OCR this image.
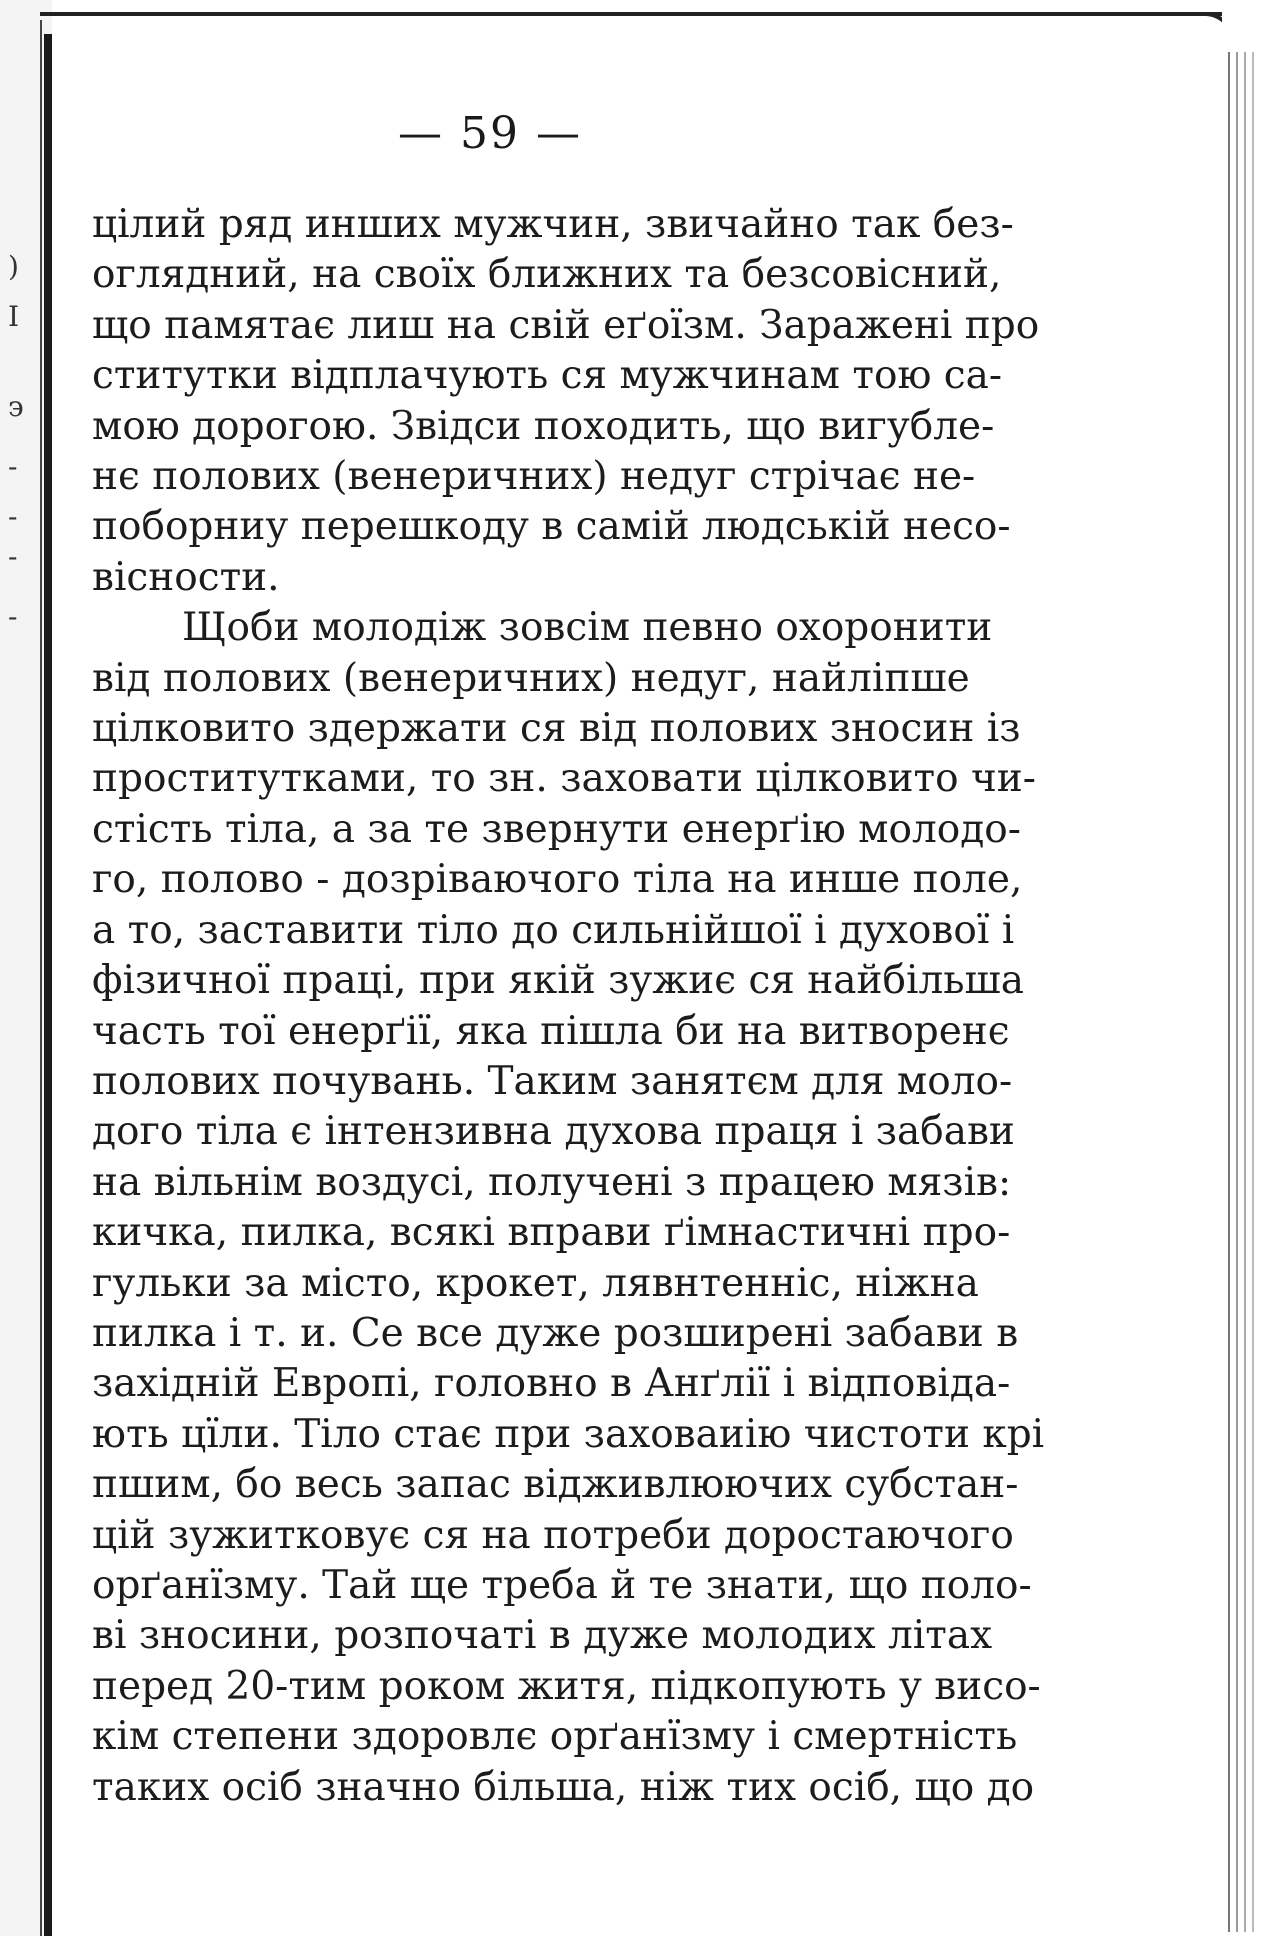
)
I
э
-
-
-
-
— 59 —
цілий ряд инших мужчин, звичайно так без-
оглядний, на своїх ближних та безсовісний,
що памятає лиш на свій еґоїзм. Заражені про
ститутки відплачують ся мужчинам тою са-
мою дорогою. Звідси походить, що вигубле-
нє полових (венеричних) недуг стрічає не-
поборниу перешкоду в самій людській несо-
вісности.
Щоби молодіж зовсім певно охоронити
від полових (венеричних) недуг, найліпше
цілковито здержати ся від полових зносин із
проститутками, то зн. заховати цілковито чи-
стість тіла, а за те звернути енерґію молодо-
го, полово - дозріваючого тіла на инше поле,
а то, заставити тіло до сильнійшої і духової і
фізичної праці, при якій зужиє ся найбільша
часть тої енерґії, яка пішла би на витворенє
полових почувань. Таким занятєм для моло-
дого тіла є інтензивна духова праця і забави
на вільнім воздусі, получені з працею мязів:
кичка, пилка, всякі вправи ґімнастичні про-
гульки за місто, крокет, лявнтенніс, ніжна
пилка і т. и. Се все дуже розширені забави в
західній Европі, головно в Анґлії і відповіда-
ють цїли. Тіло стає при заховаиію чистоти крі
пшим, бо весь запас відживлюючих субстан-
цій зужитковує ся на потреби доростаючого
орґанїзму. Тай ще треба й те знати, що поло-
ві зносини, розпочаті в дуже молодих літах
перед 20-тим роком житя, підкопують у висо-
кім степени здоровлє орґанїзму і смертність
таких осіб значно більша, ніж тих осіб, що до
